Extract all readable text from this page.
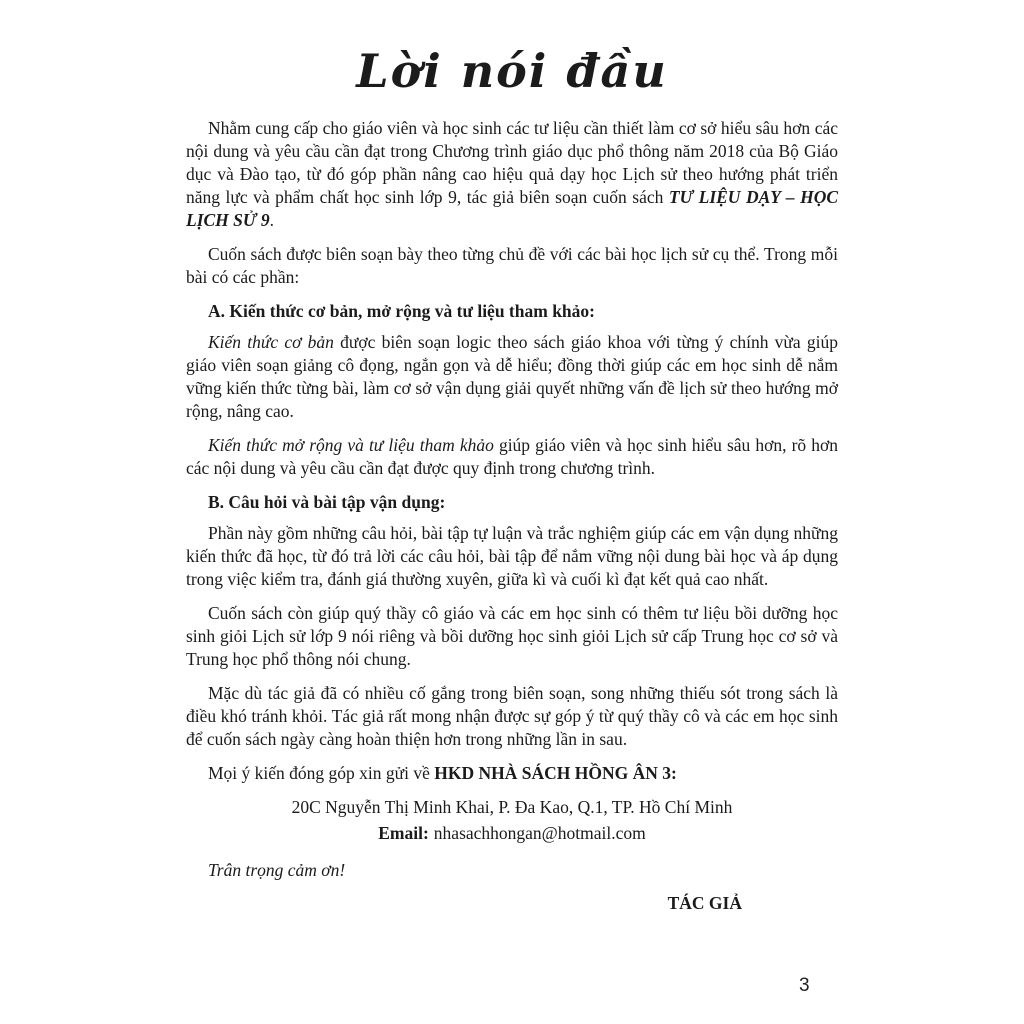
Lời nói đầu

Nhằm cung cấp cho giáo viên và học sinh các tư liệu cần thiết làm cơ sở hiểu sâu hơn các nội dung và yêu cầu cần đạt trong Chương trình giáo dục phổ thông năm 2018 của Bộ Giáo dục và Đào tạo, từ đó góp phần nâng cao hiệu quả dạy học Lịch sử theo hướng phát triển năng lực và phẩm chất học sinh lớp 9, tác giả biên soạn cuốn sách TƯ LIỆU DẠY – HỌC LỊCH SỬ 9.

Cuốn sách được biên soạn bày theo từng chủ đề với các bài học lịch sử cụ thể. Trong mỗi bài có các phần:

A. Kiến thức cơ bản, mở rộng và tư liệu tham khảo:

Kiến thức cơ bản được biên soạn logic theo sách giáo khoa với từng ý chính vừa giúp giáo viên soạn giảng cô đọng, ngắn gọn và dễ hiểu; đồng thời giúp các em học sinh dễ nắm vững kiến thức từng bài, làm cơ sở vận dụng giải quyết những vấn đề lịch sử theo hướng mở rộng, nâng cao.

Kiến thức mở rộng và tư liệu tham khảo giúp giáo viên và học sinh hiểu sâu hơn, rõ hơn các nội dung và yêu cầu cần đạt được quy định trong chương trình.

B. Câu hỏi và bài tập vận dụng:

Phần này gồm những câu hỏi, bài tập tự luận và trắc nghiệm giúp các em vận dụng những kiến thức đã học, từ đó trả lời các câu hỏi, bài tập để nắm vững nội dung bài học và áp dụng trong việc kiểm tra, đánh giá thường xuyên, giữa kì và cuối kì đạt kết quả cao nhất.

Cuốn sách còn giúp quý thầy cô giáo và các em học sinh có thêm tư liệu bồi dưỡng học sinh giỏi Lịch sử lớp 9 nói riêng và bồi dưỡng học sinh giỏi Lịch sử cấp Trung học cơ sở và Trung học phổ thông nói chung.

Mặc dù tác giả đã có nhiều cố gắng trong biên soạn, song những thiếu sót trong sách là điều khó tránh khỏi. Tác giả rất mong nhận được sự góp ý từ quý thầy cô và các em học sinh để cuốn sách ngày càng hoàn thiện hơn trong những lần in sau.

Mọi ý kiến đóng góp xin gửi về HKD NHÀ SÁCH HỒNG ÂN 3:

20C Nguyễn Thị Minh Khai, P. Đa Kao, Q.1, TP. Hồ Chí Minh

Email: nhasachhongan@hotmail.com

Trân trọng cảm ơn!

TÁC GIẢ
3
